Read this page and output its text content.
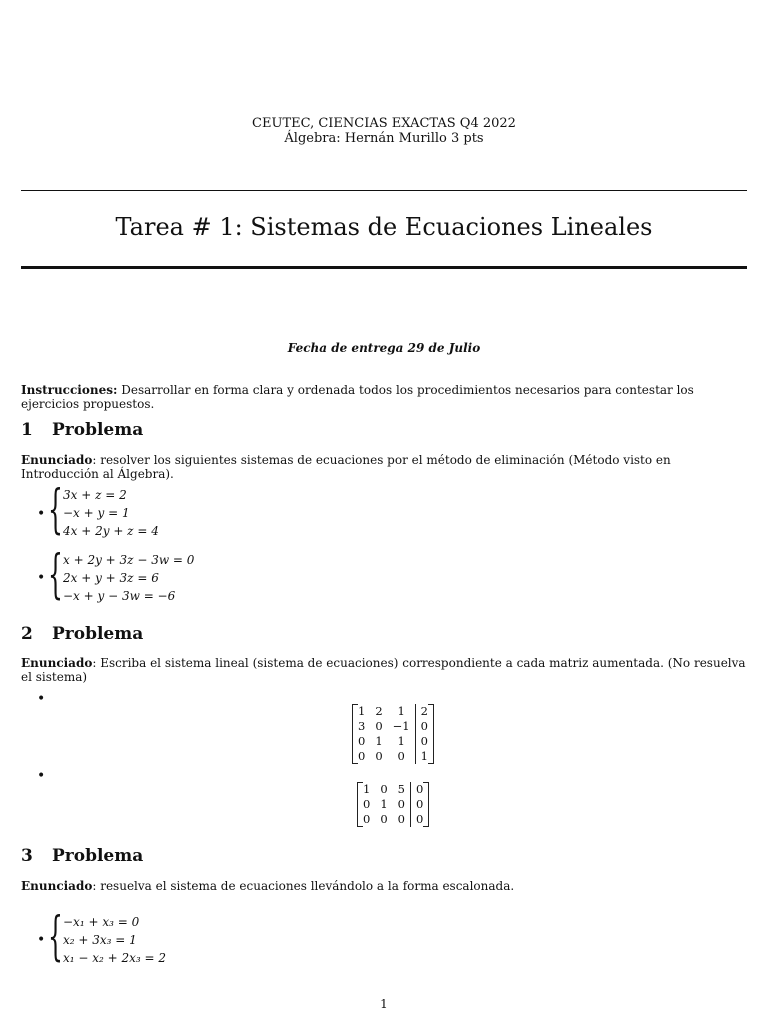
CEUTEC, CIENCIAS EXACTAS Q4 2022
Álgebra: Hernán Murillo 3 pts
Tarea # 1: Sistemas de Ecuaciones Lineales
Fecha de entrega 29 de Julio
Instrucciones: Desarrollar en forma clara y ordenada todos los procedimientos necesarios para contestar los ejercicios propuestos.
1 Problema
Enunciado: resolver los siguientes sistemas de ecuaciones por el método de eliminación (Método visto en Introducción al Álgebra).
• { 3x + z = 2
−x + y = 1
4x + 2y + z = 4
• { x + 2y + 3z − 3w = 0
2x + y + 3z = 6
−x + y − 3w = −6
2 Problema
Enunciado: Escriba el sistema lineal (sistema de ecuaciones) correspondiente a cada matriz aumentada. (No resuelva el sistema)
•
1	2	1	2
3	0	−1	0
0	1	1	0
0	0	0	1
•
1	0	5	0
0	1	0	0
0	0	0	0
3 Problema
Enunciado: resuelva el sistema de ecuaciones llevándolo a la forma escalonada.
• { −x₁ + x₃ = 0
x₂ + 3x₃ = 1
x₁ − x₂ + 2x₃ = 2
1
